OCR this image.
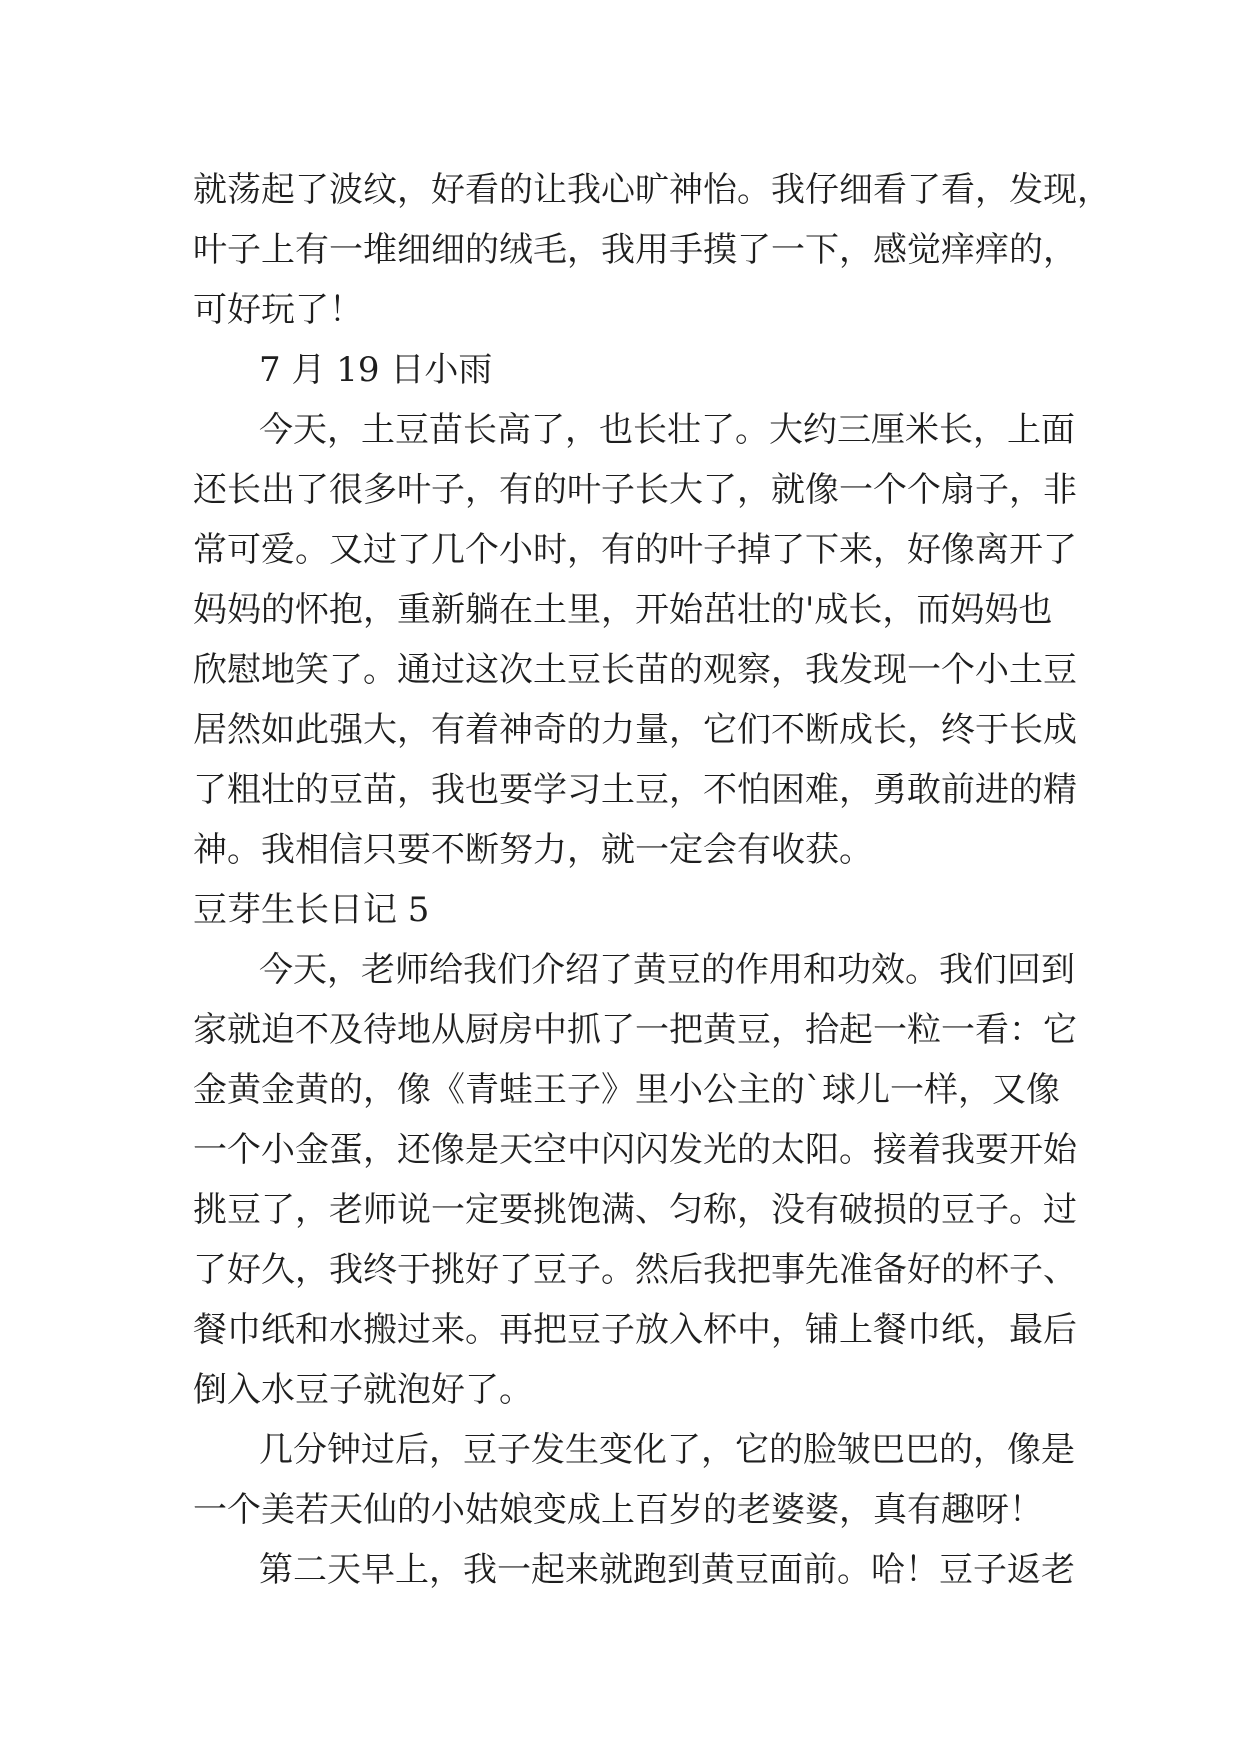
就荡起了波纹，好看的让我心旷神怡。我仔细看了看，发现，
叶子上有一堆细细的绒毛，我用手摸了一下，感觉痒痒的，
可好玩了！
7 月 19 日小雨
今天，土豆苗长高了，也长壮了。大约三厘米长，上面
还长出了很多叶子，有的叶子长大了，就像一个个扇子，非
常可爱。又过了几个小时，有的叶子掉了下来，好像离开了
妈妈的怀抱，重新躺在土里，开始茁壮的'成长，而妈妈也
欣慰地笑了。通过这次土豆长苗的观察，我发现一个小土豆
居然如此强大，有着神奇的力量，它们不断成长，终于长成
了粗壮的豆苗，我也要学习土豆，不怕困难，勇敢前进的精
神。我相信只要不断努力，就一定会有收获。
豆芽生长日记 5
今天，老师给我们介绍了黄豆的作用和功效。我们回到
家就迫不及待地从厨房中抓了一把黄豆，拾起一粒一看：它
金黄金黄的，像《青蛙王子》里小公主的`球儿一样，又像
一个小金蛋，还像是天空中闪闪发光的太阳。接着我要开始
挑豆了，老师说一定要挑饱满、匀称，没有破损的豆子。过
了好久，我终于挑好了豆子。然后我把事先准备好的杯子、
餐巾纸和水搬过来。再把豆子放入杯中，铺上餐巾纸，最后
倒入水豆子就泡好了。
几分钟过后，豆子发生变化了，它的脸皱巴巴的，像是
一个美若天仙的小姑娘变成上百岁的老婆婆，真有趣呀！
第二天早上，我一起来就跑到黄豆面前。哈！豆子返老
